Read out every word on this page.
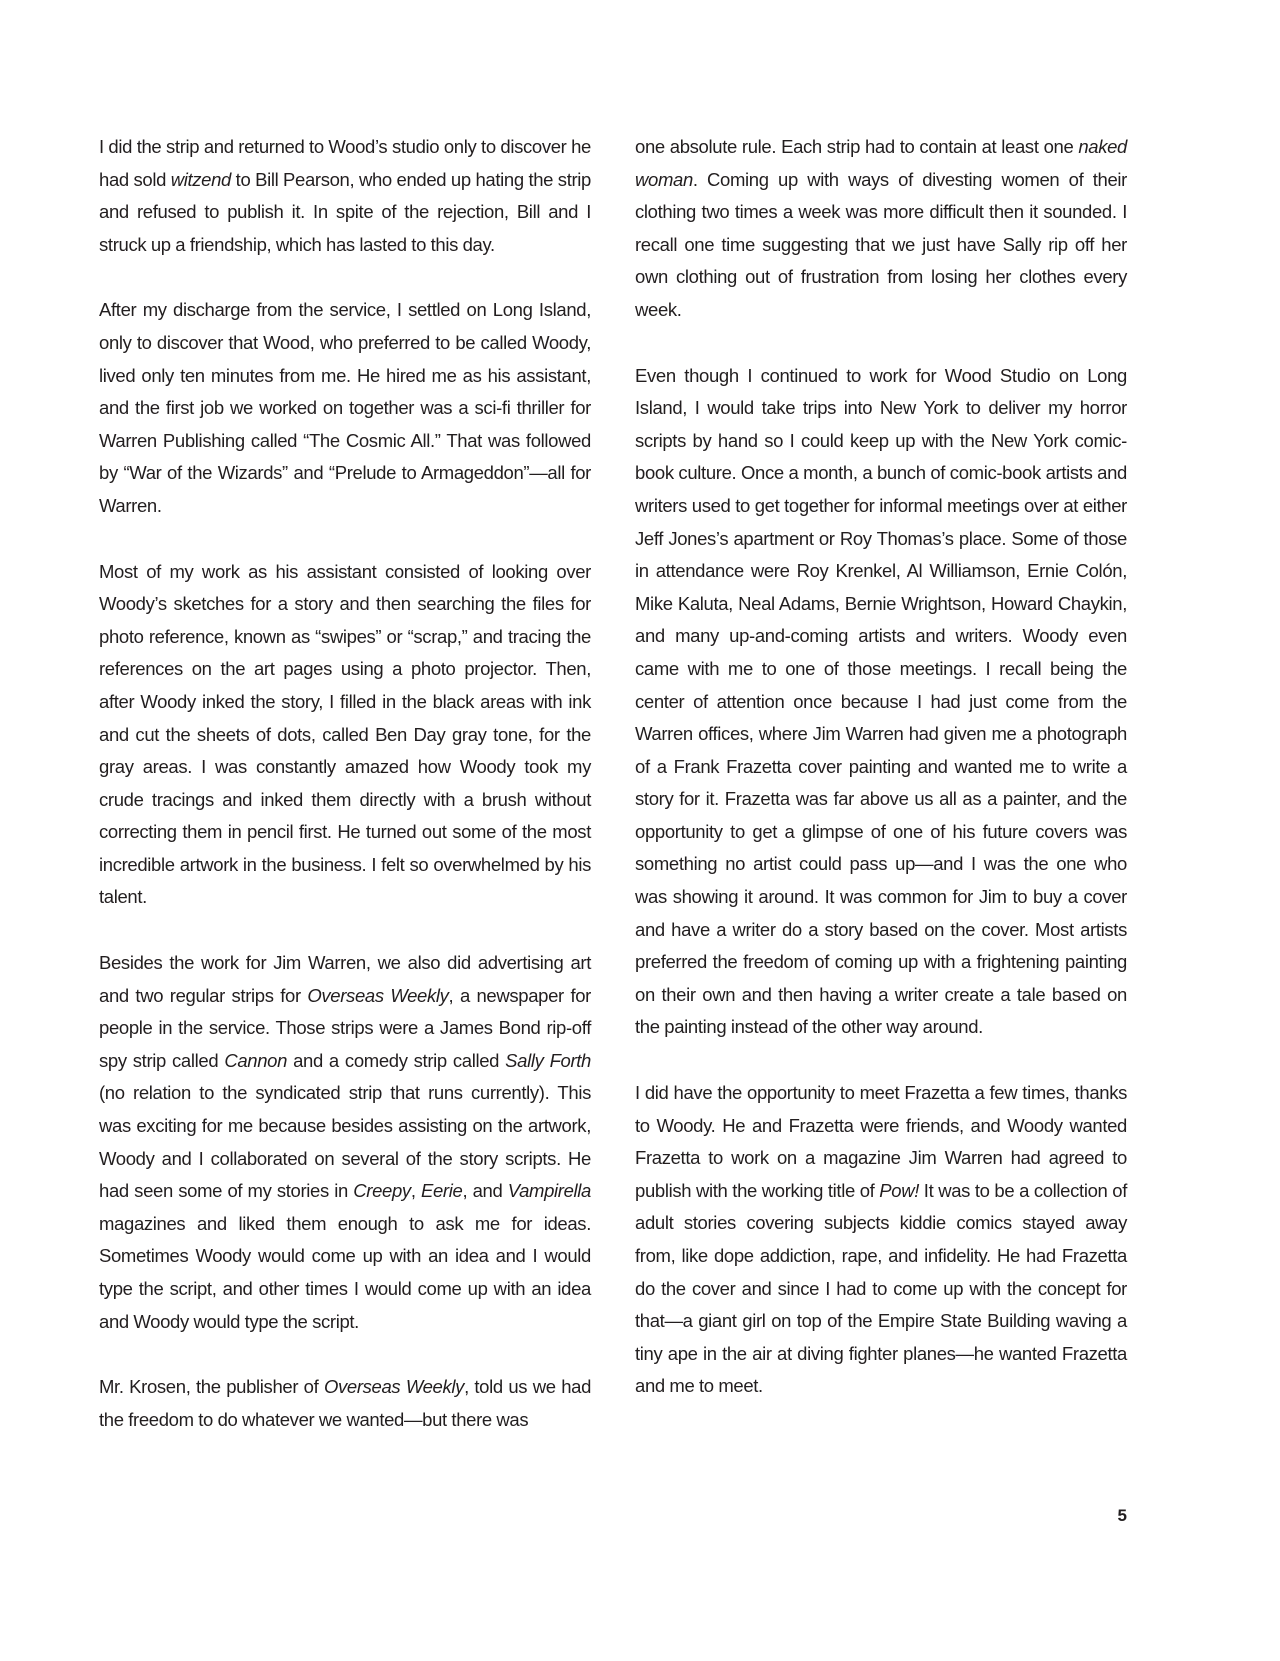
I did the strip and returned to Wood’s studio only to discover he had sold witzend to Bill Pearson, who ended up hating the strip and refused to publish it. In spite of the rejection, Bill and I struck up a friendship, which has lasted to this day.

After my discharge from the service, I settled on Long Island, only to discover that Wood, who preferred to be called Woody, lived only ten minutes from me. He hired me as his assistant, and the first job we worked on together was a sci-fi thriller for Warren Publishing called “The Cosmic All.” That was followed by “War of the Wizards” and “Prelude to Armageddon”—all for Warren.

Most of my work as his assistant consisted of looking over Woody’s sketches for a story and then searching the files for photo reference, known as “swipes” or “scrap,” and tracing the references on the art pages using a photo projector. Then, after Woody inked the story, I filled in the black areas with ink and cut the sheets of dots, called Ben Day gray tone, for the gray areas. I was constantly amazed how Woody took my crude tracings and inked them directly with a brush without correcting them in pencil first. He turned out some of the most incredible artwork in the business. I felt so overwhelmed by his talent.

Besides the work for Jim Warren, we also did advertising art and two regular strips for Overseas Weekly, a newspaper for people in the service. Those strips were a James Bond rip-off spy strip called Cannon and a comedy strip called Sally Forth (no relation to the syndicated strip that runs currently). This was exciting for me because besides assisting on the artwork, Woody and I collaborated on several of the story scripts. He had seen some of my stories in Creepy, Eerie, and Vampirella magazines and liked them enough to ask me for ideas. Sometimes Woody would come up with an idea and I would type the script, and other times I would come up with an idea and Woody would type the script.

Mr. Krosen, the publisher of Overseas Weekly, told us we had the freedom to do whatever we wanted—but there was

one absolute rule. Each strip had to contain at least one naked woman. Coming up with ways of divesting women of their clothing two times a week was more difficult then it sounded. I recall one time suggesting that we just have Sally rip off her own clothing out of frustration from losing her clothes every week.

Even though I continued to work for Wood Studio on Long Island, I would take trips into New York to deliver my horror scripts by hand so I could keep up with the New York comic-book culture. Once a month, a bunch of comic-book artists and writers used to get together for informal meetings over at either Jeff Jones’s apartment or Roy Thomas’s place. Some of those in attendance were Roy Krenkel, Al Williamson, Ernie Colón, Mike Kaluta, Neal Adams, Bernie Wrightson, Howard Chaykin, and many up-and-coming artists and writers. Woody even came with me to one of those meetings. I recall being the center of attention once because I had just come from the Warren offices, where Jim Warren had given me a photograph of a Frank Frazetta cover painting and wanted me to write a story for it. Frazetta was far above us all as a painter, and the opportunity to get a glimpse of one of his future covers was something no artist could pass up—and I was the one who was showing it around. It was common for Jim to buy a cover and have a writer do a story based on the cover. Most artists preferred the freedom of coming up with a frightening painting on their own and then having a writer create a tale based on the painting instead of the other way around.

I did have the opportunity to meet Frazetta a few times, thanks to Woody. He and Frazetta were friends, and Woody wanted Frazetta to work on a magazine Jim Warren had agreed to publish with the working title of Pow! It was to be a collection of adult stories covering subjects kiddie comics stayed away from, like dope addiction, rape, and infidelity. He had Frazetta do the cover and since I had to come up with the concept for that—a giant girl on top of the Empire State Building waving a tiny ape in the air at diving fighter planes—he wanted Frazetta and me to meet.

5
